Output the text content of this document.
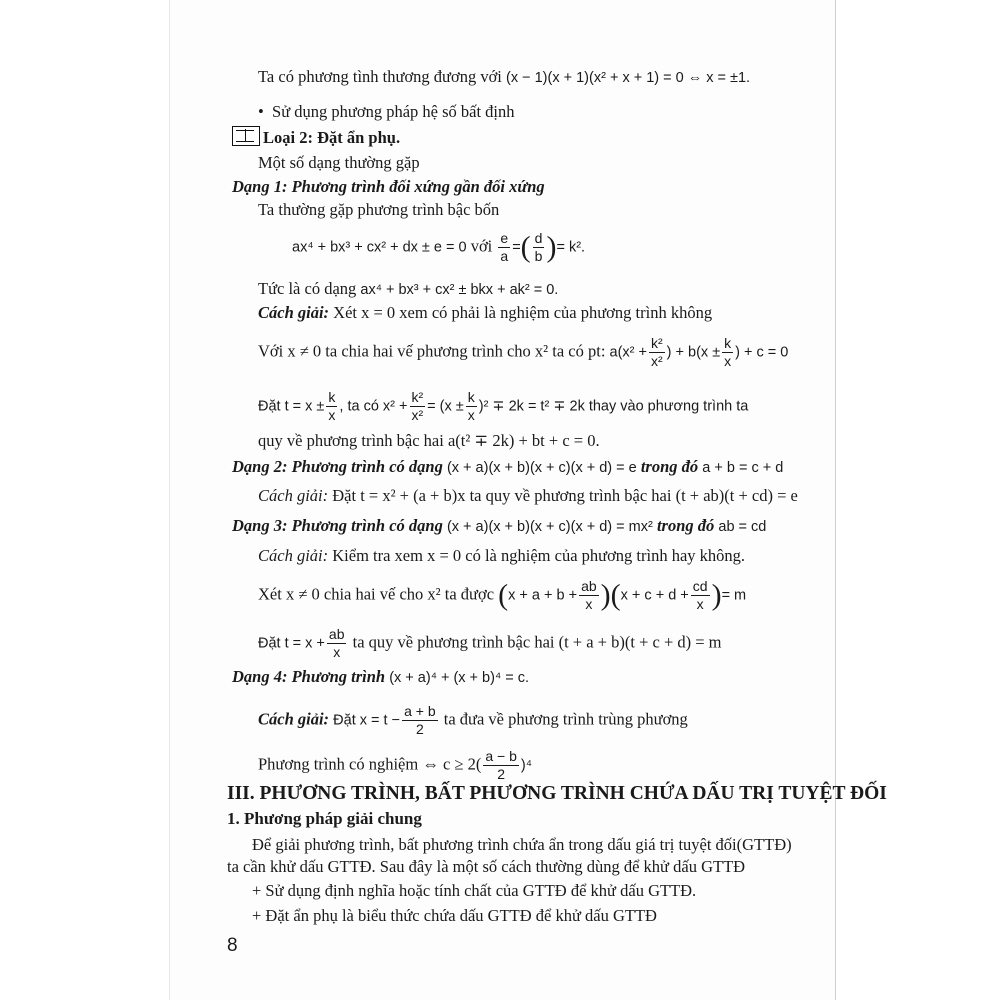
Ta có phương tình thương đương với (x − 1)(x + 1)(x² + x + 1) = 0 ⇔ x = ±1.
•  Sử dụng phương pháp hệ số bất định
Loại 2: Đặt ẩn phụ.
Một số dạng thường gặp
Dạng 1: Phương trình đối xứng gần đối xứng
Ta thường gặp phương trình bậc bốn
ax⁴ + bx³ + cx² + dx ± e = 0 với $\frac{e}{a}$ =( $\frac{d}{b}$ )= k².
Tức là có dạng ax⁴ + bx³ + cx² ± bkx + ak² = 0.
Cách giải: Xét x = 0 xem có phải là nghiệm của phương trình không
Với x ≠ 0 ta chia hai vế phương trình cho x² ta có pt: $a(x^2 + \frac{\text{k²}}{\text{x²}}$ ) + $b(x \pm \frac{k}{x}$ ) + c = 0
Đặt $t = x \pm \frac{k}{x}$ , ta có $x^2 + \frac{\text{k²}}{\text{x²}} = (x \pm \frac{k}{x} )^2 \mp 2k = t^2 \mp 2k$ thay vào phương trình ta
quy về phương trình bậc hai a(t² ∓ 2k) + bt + c = 0.
Dạng 2: Phương trình có dạng (x + a)(x + b)(x + c)(x + d) = e trong đó a + b = c + d
Cách giải: Đặt t = x² + (a + b)x ta quy về phương trình bậc hai (t + ab)(t + cd) = e
Dạng 3: Phương trình có dạng (x + a)(x + b)(x + c)(x + d) = mx² trong đó ab = cd
Cách giải: Kiểm tra xem x = 0 có là nghiệm của phương trình hay không.
Xét x ≠ 0 chia hai vế cho x² ta được $(x + a + b + \frac{ab}{x} )(x + c + d + \frac{cd}{x}$ )= m
Đặt $t = x + \frac{ab}{x}$ ta quy về phương trình bậc hai (t + a + b)(t + c + d) = m
Dạng 4: Phương trình (x + a)⁴ + (x + b)⁴ = c.
Cách giải: Đặt $x = t - \frac{a + b}{2}$ ta đưa về phương trình trùng phương
Phương trình có nghiệm ⇔ $c \ge 2( \frac{a - b}{2} )^4$
III. PHƯƠNG TRÌNH, BẤT PHƯƠNG TRÌNH CHỨA DẤU TRỊ TUYỆT ĐỐI
1. Phương pháp giải chung
Để giải phương trình, bất phương trình chứa ẩn trong dấu giá trị tuyệt đối(GTTĐ)
ta cần khử dấu GTTĐ. Sau đây là một số cách thường dùng để khử dấu GTTĐ
+ Sử dụng định nghĩa hoặc tính chất của GTTĐ để khử dấu GTTĐ.
+ Đặt ẩn phụ là biểu thức chứa dấu GTTĐ để khử dấu GTTĐ
8
